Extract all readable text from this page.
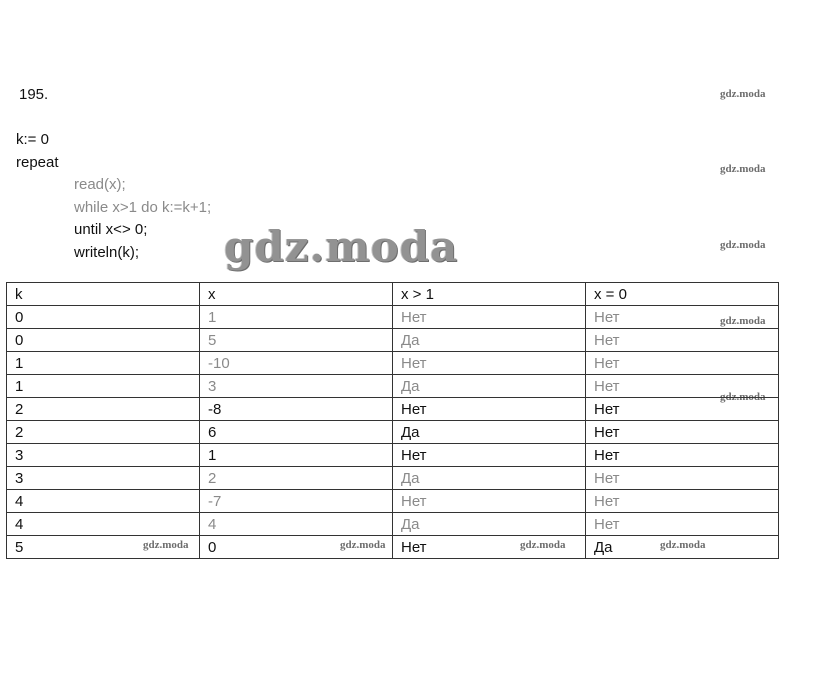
195.
k:= 0
repeat
read(x);
while x>1 do k:=k+1;
until x<> 0;
writeln(k);	gdz.moda
gdz.moda
gdz.moda
gdz.moda
gdz.moda
gdz.moda
k	x	x > 1	x = 0
0	1	Нет	Нет
0	5	Да	Нет
1	-10	Нет	Нет
1	3	Да	Нет
2	-8	Нет	Нет
2	6	Да	Нет
3	1	Нет	Нет
3	2	Да	Нет
4	-7	Нет	Нет
4	4	Да	Нет
5	0	Нет	Да
gdz.moda	gdz.moda	gdz.moda	gdz.moda
